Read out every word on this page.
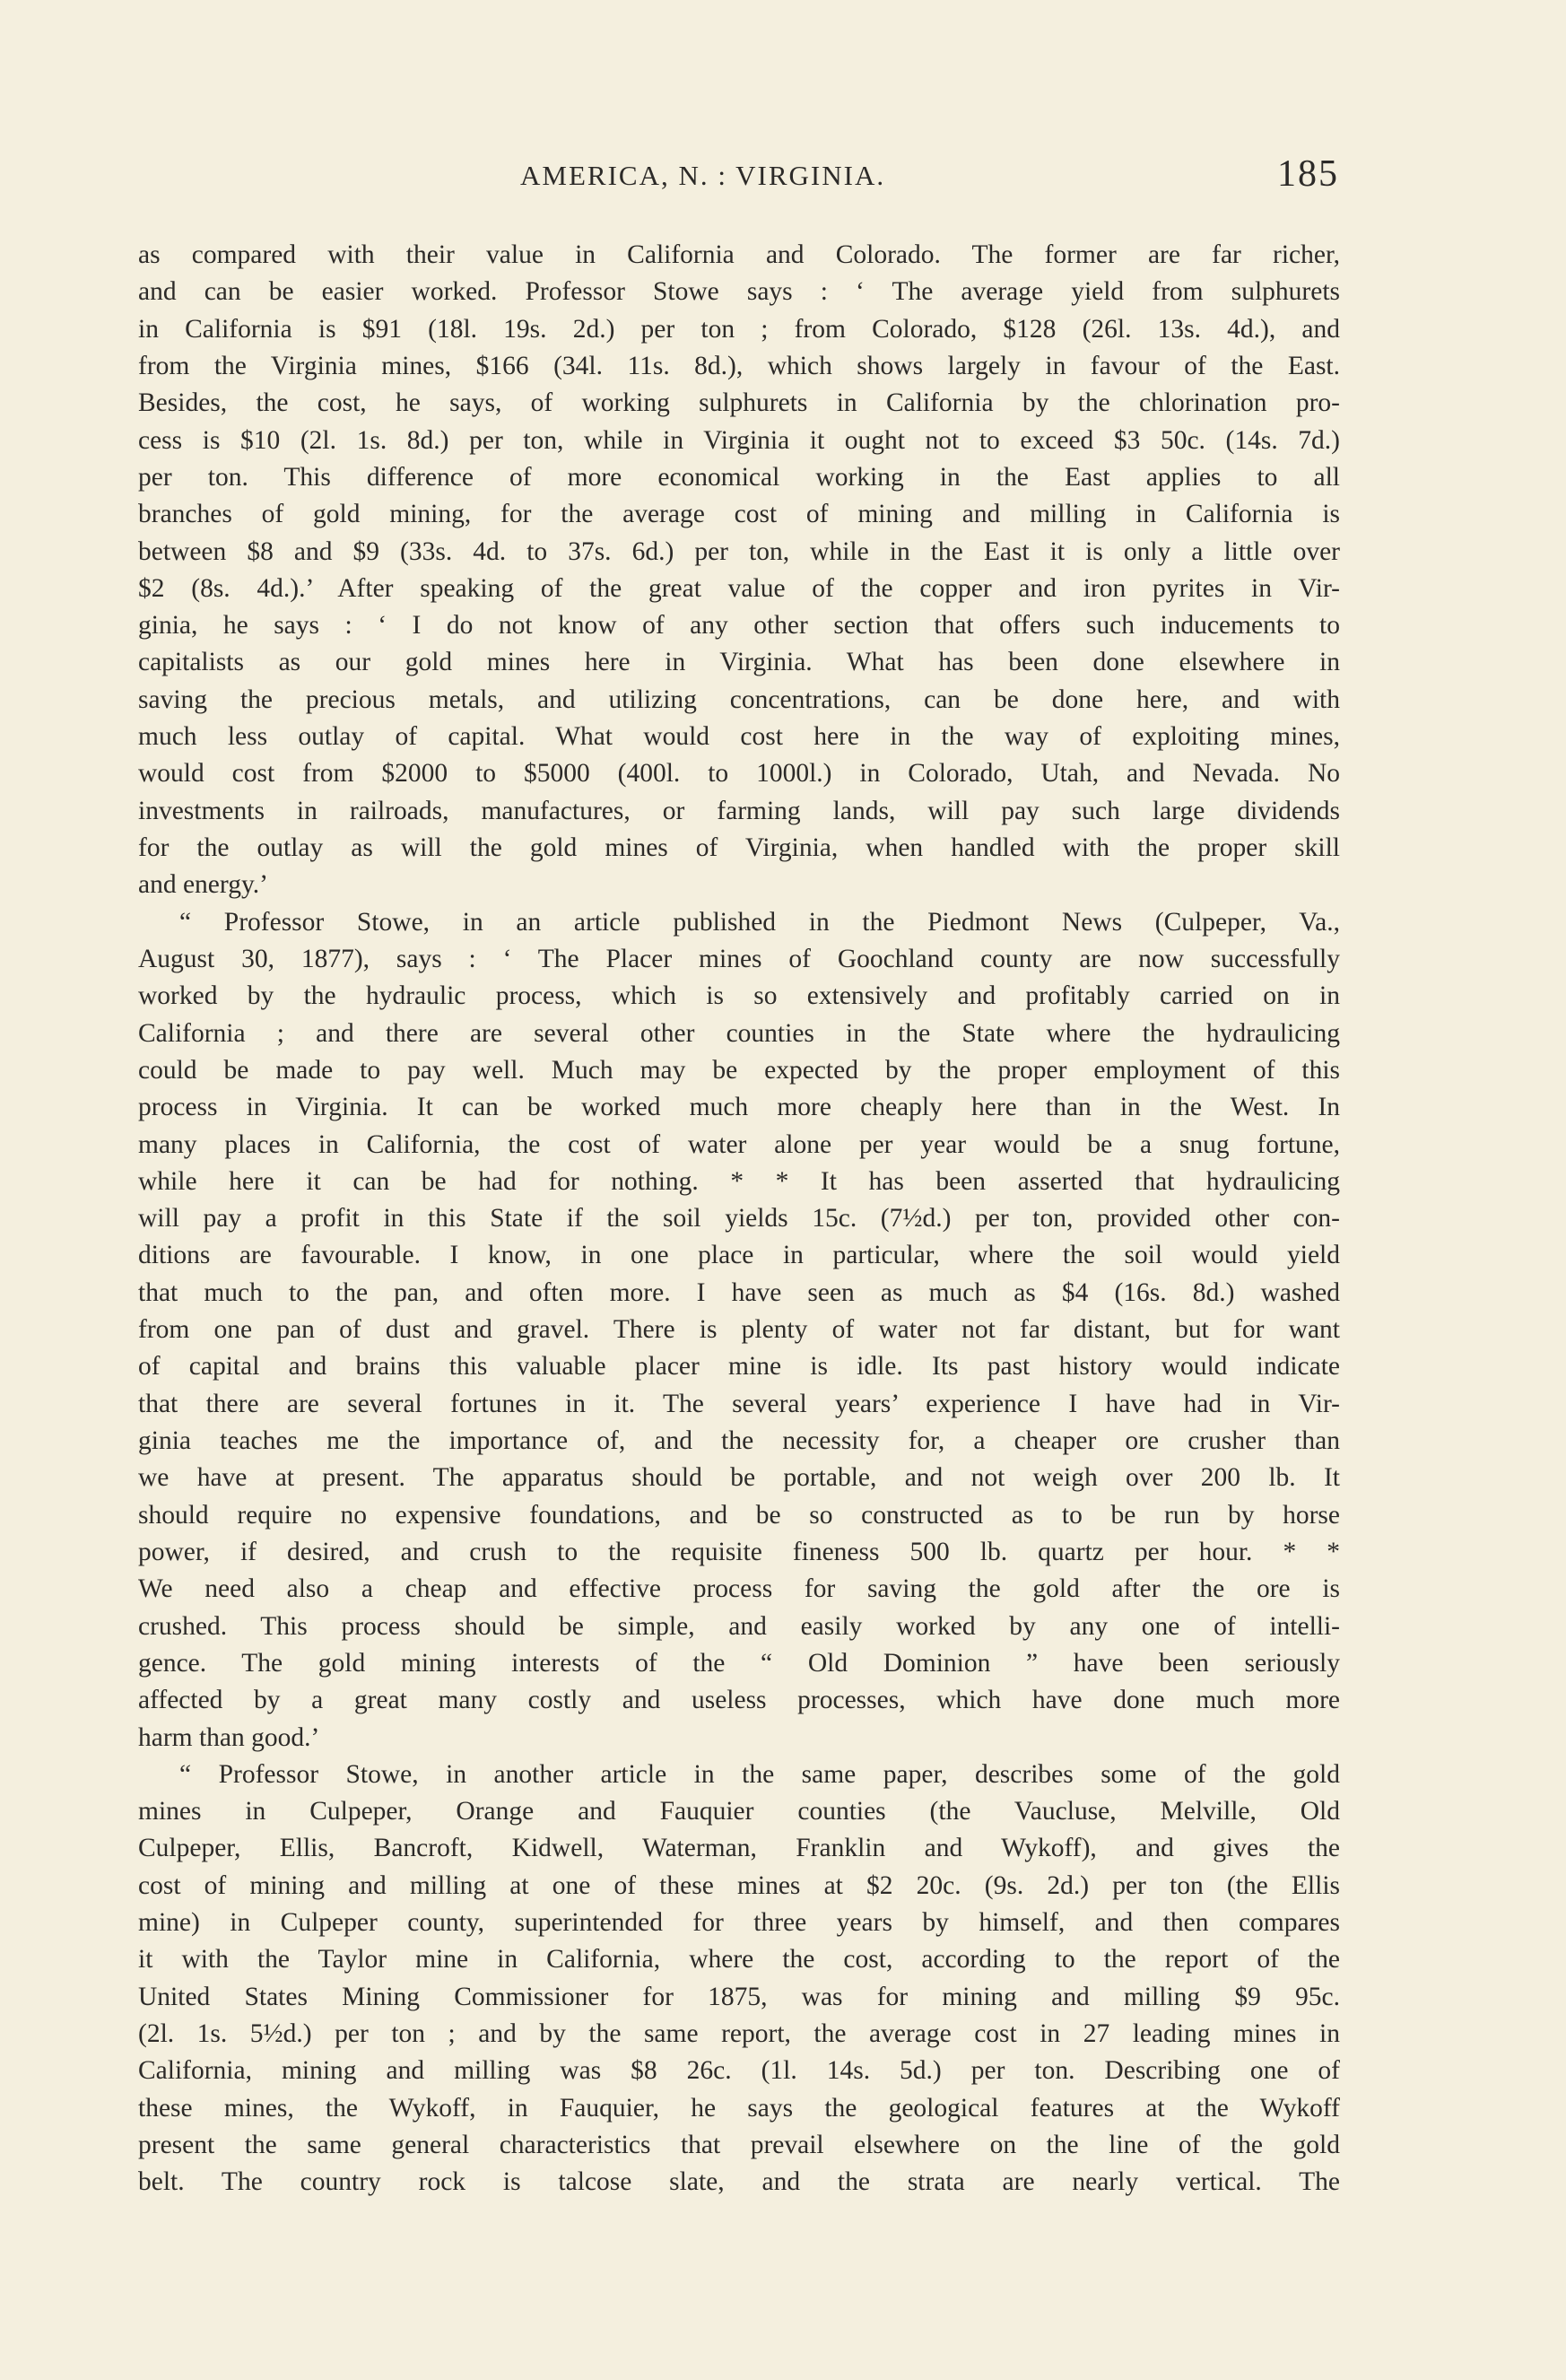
AMERICA, N. : VIRGINIA.	185
as compared with their value in California and Colorado. The former are far richer,
and can be easier worked. Professor Stowe says : ‘ The average yield from sulphurets
in California is $91 (18l. 19s. 2d.) per ton ; from Colorado, $128 (26l. 13s. 4d.), and
from the Virginia mines, $166 (34l. 11s. 8d.), which shows largely in favour of the East.
Besides, the cost, he says, of working sulphurets in California by the chlorination pro-
cess is $10 (2l. 1s. 8d.) per ton, while in Virginia it ought not to exceed $3 50c. (14s. 7d.)
per ton. This difference of more economical working in the East applies to all
branches of gold mining, for the average cost of mining and milling in California is
between $8 and $9 (33s. 4d. to 37s. 6d.) per ton, while in the East it is only a little over
$2 (8s. 4d.).’ After speaking of the great value of the copper and iron pyrites in Vir-
ginia, he says : ‘ I do not know of any other section that offers such inducements to
capitalists as our gold mines here in Virginia. What has been done elsewhere in
saving the precious metals, and utilizing concentrations, can be done here, and with
much less outlay of capital. What would cost here in the way of exploiting mines,
would cost from $2000 to $5000 (400l. to 1000l.) in Colorado, Utah, and Nevada. No
investments in railroads, manufactures, or farming lands, will pay such large dividends
for the outlay as will the gold mines of Virginia, when handled with the proper skill
and energy.’
“ Professor Stowe, in an article published in the Piedmont News (Culpeper, Va.,
August 30, 1877), says : ‘ The Placer mines of Goochland county are now successfully
worked by the hydraulic process, which is so extensively and profitably carried on in
California ; and there are several other counties in the State where the hydraulicing
could be made to pay well. Much may be expected by the proper employment of this
process in Virginia. It can be worked much more cheaply here than in the West. In
many places in California, the cost of water alone per year would be a snug fortune,
while here it can be had for nothing. * * It has been asserted that hydraulicing
will pay a profit in this State if the soil yields 15c. (7½d.) per ton, provided other con-
ditions are favourable. I know, in one place in particular, where the soil would yield
that much to the pan, and often more. I have seen as much as $4 (16s. 8d.) washed
from one pan of dust and gravel. There is plenty of water not far distant, but for want
of capital and brains this valuable placer mine is idle. Its past history would indicate
that there are several fortunes in it. The several years’ experience I have had in Vir-
ginia teaches me the importance of, and the necessity for, a cheaper ore crusher than
we have at present. The apparatus should be portable, and not weigh over 200 lb. It
should require no expensive foundations, and be so constructed as to be run by horse
power, if desired, and crush to the requisite fineness 500 lb. quartz per hour. * *
We need also a cheap and effective process for saving the gold after the ore is
crushed. This process should be simple, and easily worked by any one of intelli-
gence. The gold mining interests of the “ Old Dominion ” have been seriously
affected by a great many costly and useless processes, which have done much more
harm than good.’
“ Professor Stowe, in another article in the same paper, describes some of the gold
mines in Culpeper, Orange and Fauquier counties (the Vaucluse, Melville, Old
Culpeper, Ellis, Bancroft, Kidwell, Waterman, Franklin and Wykoff), and gives the
cost of mining and milling at one of these mines at $2 20c. (9s. 2d.) per ton (the Ellis
mine) in Culpeper county, superintended for three years by himself, and then compares
it with the Taylor mine in California, where the cost, according to the report of the
United States Mining Commissioner for 1875, was for mining and milling $9 95c.
(2l. 1s. 5½d.) per ton ; and by the same report, the average cost in 27 leading mines in
California, mining and milling was $8 26c. (1l. 14s. 5d.) per ton. Describing one of
these mines, the Wykoff, in Fauquier, he says the geological features at the Wykoff
present the same general characteristics that prevail elsewhere on the line of the gold
belt. The country rock is talcose slate, and the strata are nearly vertical. The
